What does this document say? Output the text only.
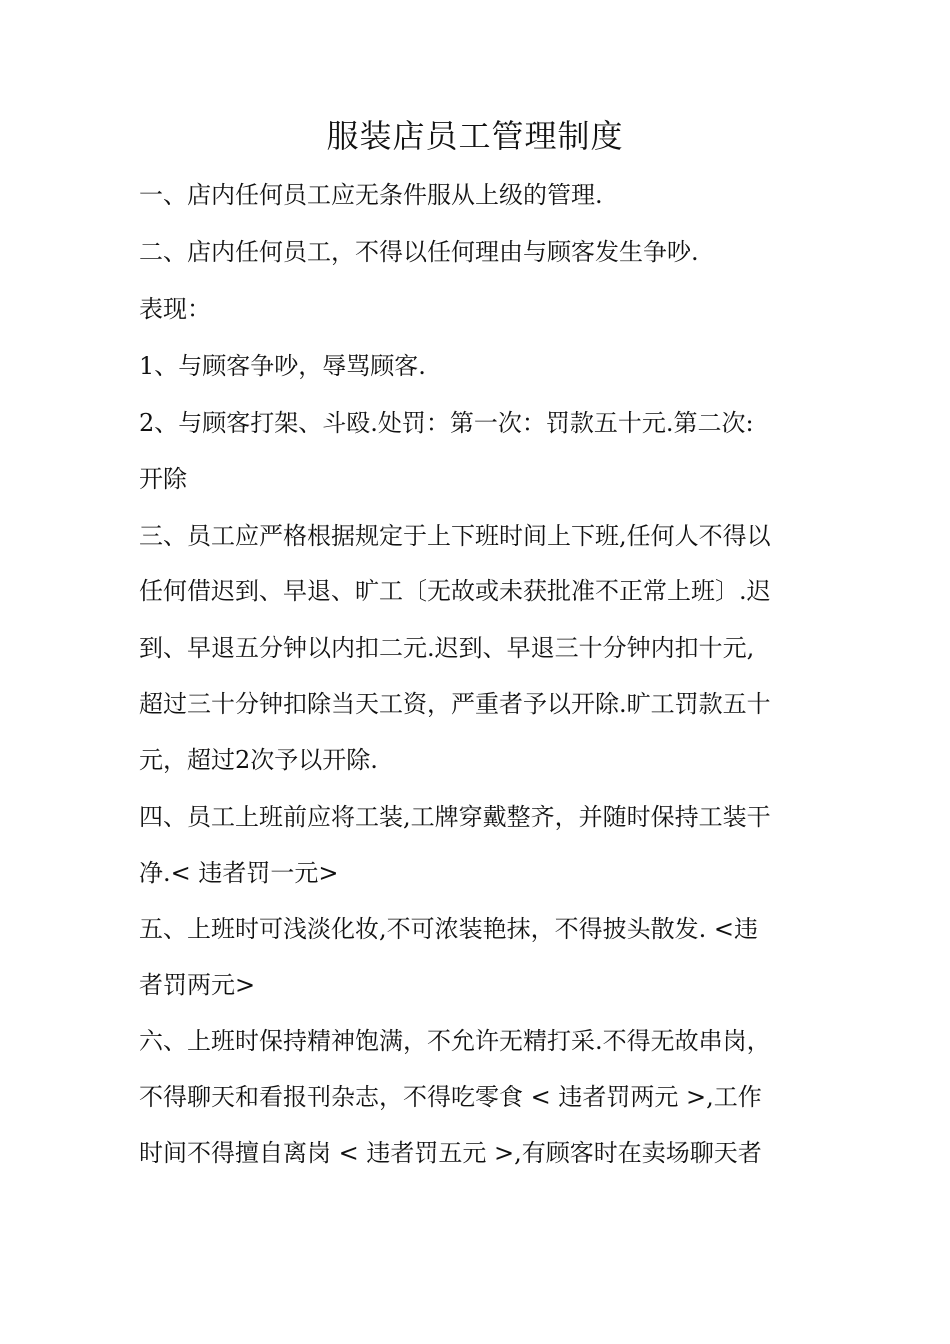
服装店员工管理制度

一、店内任何员工应无条件服从上级的管理.

二、店内任何员工，不得以任何理由与顾客发生争吵.

表现：

1、与顾客争吵，辱骂顾客.

2、与顾客打架、斗殴.处罚：第一次：罚款五十元.第二次:

开除

三、员工应严格根据规定于上下班时间上下班,任何人不得以

任何借迟到、早退、旷工〔无故或未获批准不正常上班〕.迟

到、早退五分钟以内扣二元.迟到、早退三十分钟内扣十元,

超过三十分钟扣除当天工资，严重者予以开除.旷工罚款五十

元，超过2次予以开除.

四、员工上班前应将工装,工牌穿戴整齐，并随时保持工装干

净.< 违者罚一元>

五、上班时可浅淡化妆,不可浓装艳抹，不得披头散发. <违

者罚两元>

六、上班时保持精神饱满，不允许无精打采.不得无故串岗，

不得聊天和看报刊杂志，不得吃零食 < 违者罚两元 >,工作

时间不得擅自离岗 < 违者罚五元 >,有顾客时在卖场聊天者
